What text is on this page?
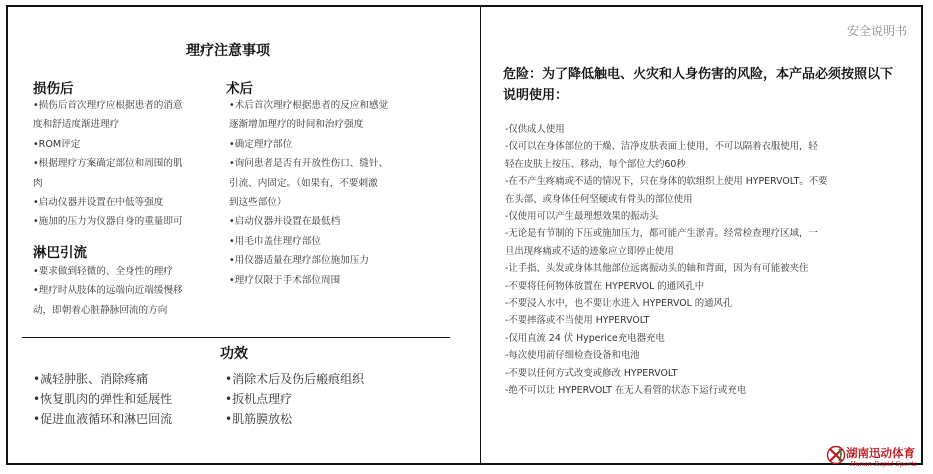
理疗注意事项
损伤后
•损伤后首次理疗应根据患者的消意
度和舒适度渐进理疗
•ROM评定
•根据理疗方案确定部位和周围的肌
肉
•启动仪器并设置在中低等强度
•施加的压力为仪器自身的重量即可
淋巴引流
•要求做到轻微的、全身性的理疗
•理疗时从肢体的远端向近端缓慢移
动，即朝着心脏静脉回流的方向
术后
•术后首次理疗根据患者的反应和感觉
逐渐增加理疗的时间和治疗强度
•确定理疗部位
•询问患者是否有开放性伤口、缝针、
引流、内固定。（如果有，不要刺激
到这些部位）
•启动仪器并设置在最低档
•用毛巾盖住理疗部位
•用仪器适量在理疗部位施加压力
•理疗仅限于手术部位周围
功效
•减轻肿胀、消除疼痛
•恢复肌肉的弹性和延展性
•促进血液循环和淋巴回流
•消除术后及伤后瘢痕组织
•扳机点理疗
•肌筋膜放松
安全说明书
危险：为了降低触电、火灾和人身伤害的风险，本产品必须按照以下说明使用：
-仅供成人使用
-仅可以在身体部位的干燥、洁净皮肤表面上使用，不可以隔着衣服使用，轻
轻在皮肤上按压、移动，每个部位大约60秒
-在不产生疼痛或不适的情况下，只在身体的软组织上使用 HYPERVOLT。不要
在头部、或身体任何坚硬或有骨头的部位使用
-仅使用可以产生最理想效果的振动头
-无论是有节制的下压或施加压力，都可能产生淤青。经常检查理疗区域，一
旦出现疼痛或不适的迹象应立即停止使用
-让手指、头发或身体其他部位远离振动头的轴和背面，因为有可能被夹住
-不要将任何物体放置在 HYPERVOL 的通风孔中
-不要浸入水中，也不要让水进入 HYPERVOL 的通风孔
-不要摔落或不当使用 HYPERVOLT
-仅用直流 24 伏 Hyperice充电器充电
-每次使用前仔细检查设备和电池
-不要以任何方式改变或修改 HYPERVOLT
-绝不可以让 HYPERVOLT 在无人看管的状态下运行或充电
湖南迅动体育
Hunan Rapid Sports
